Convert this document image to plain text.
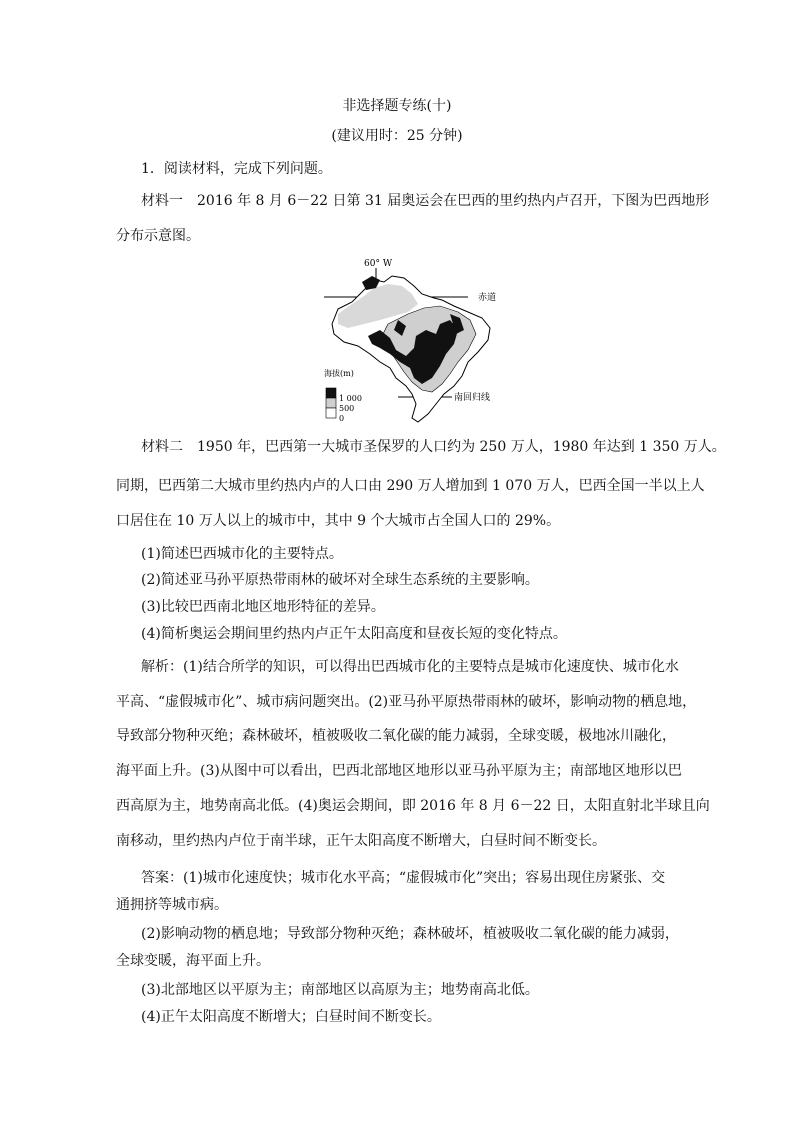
非选择题专练(十)
(建议用时：25 分钟)
1．阅读材料，完成下列问题。
材料一　2016 年 8 月 6－22 日第 31 届奥运会在巴西的里约热内卢召开，下图为巴西地形
分布示意图。
60° W
赤道
南回归线
海拔(m)
1 000
500
0
材料二　1950 年，巴西第一大城市圣保罗的人口约为 250 万人，1980 年达到 1 350 万人。
同期，巴西第二大城市里约热内卢的人口由 290 万人增加到 1 070 万人，巴西全国一半以上人
口居住在 10 万人以上的城市中，其中 9 个大城市占全国人口的 29%。
(1)简述巴西城市化的主要特点。
(2)简述亚马孙平原热带雨林的破坏对全球生态系统的主要影响。
(3)比较巴西南北地区地形特征的差异。
(4)简析奥运会期间里约热内卢正午太阳高度和昼夜长短的变化特点。
解析：(1)结合所学的知识，可以得出巴西城市化的主要特点是城市化速度快、城市化水
平高、“虚假城市化”、城市病问题突出。(2)亚马孙平原热带雨林的破坏，影响动物的栖息地，
导致部分物种灭绝；森林破坏，植被吸收二氧化碳的能力减弱，全球变暖，极地冰川融化，
海平面上升。(3)从图中可以看出，巴西北部地区地形以亚马孙平原为主；南部地区地形以巴
西高原为主，地势南高北低。(4)奥运会期间，即 2016 年 8 月 6－22 日，太阳直射北半球且向
南移动，里约热内卢位于南半球，正午太阳高度不断增大，白昼时间不断变长。
答案：(1)城市化速度快；城市化水平高；“虚假城市化”突出；容易出现住房紧张、交
通拥挤等城市病。
(2)影响动物的栖息地；导致部分物种灭绝；森林破坏，植被吸收二氧化碳的能力减弱，
全球变暖，海平面上升。
(3)北部地区以平原为主；南部地区以高原为主；地势南高北低。
(4)正午太阳高度不断增大；白昼时间不断变长。
